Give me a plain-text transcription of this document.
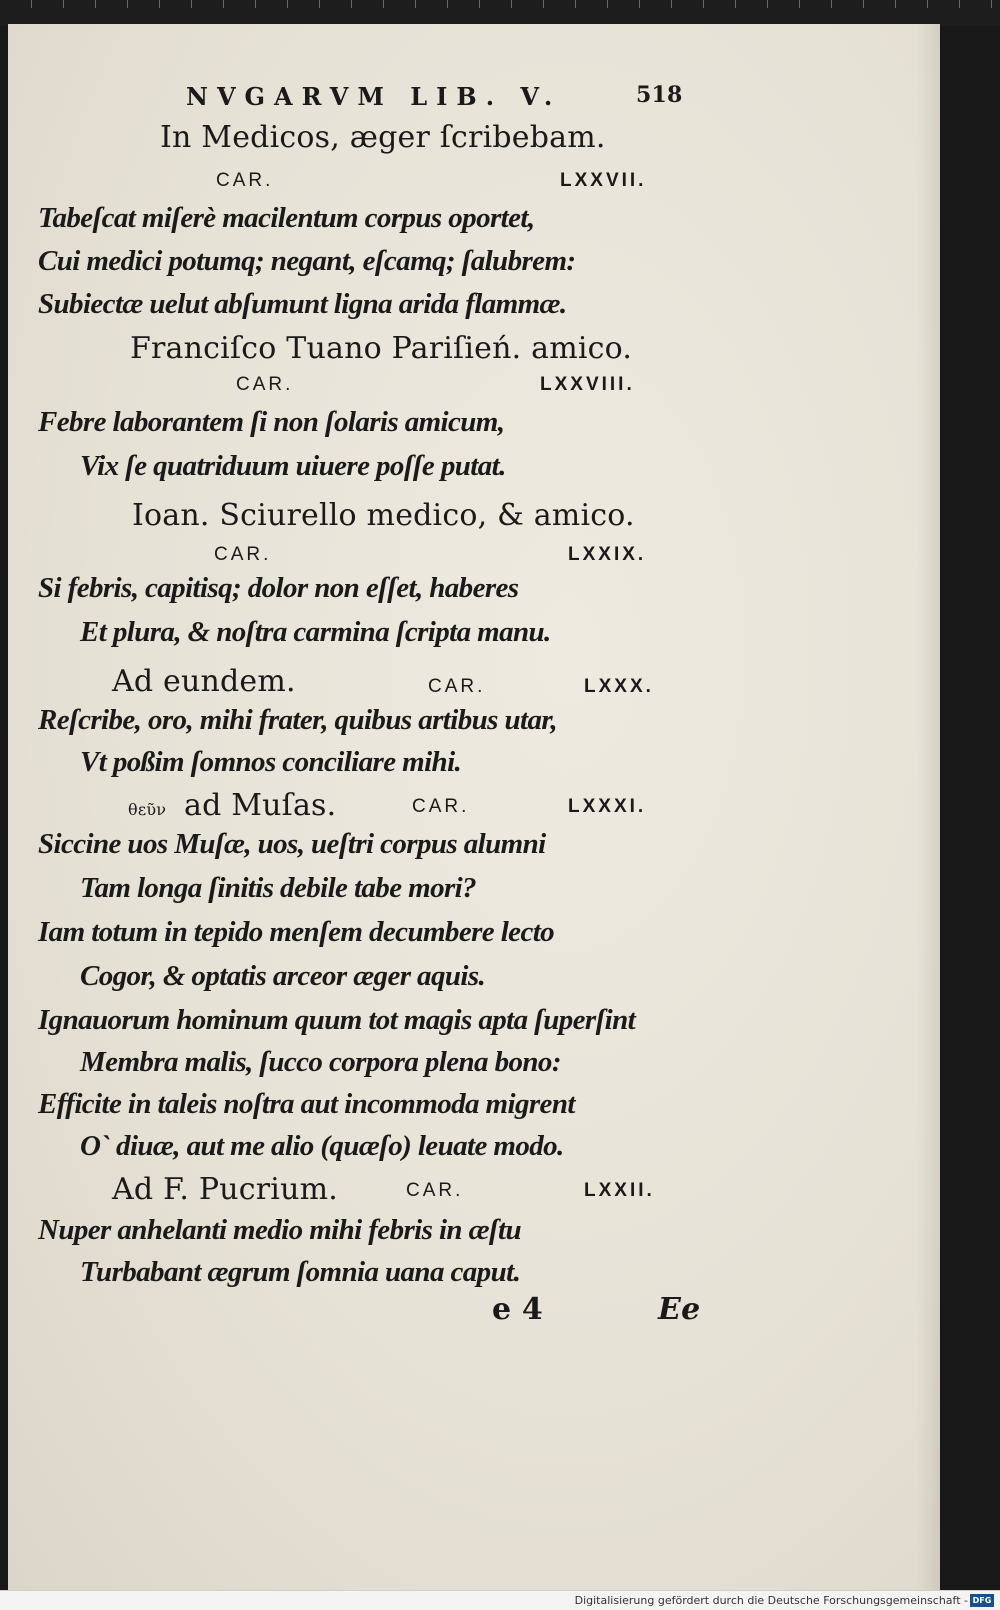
NVGARVM LIB. V.	518
In Medicos, æger ſcribebam.
CAR.	LXXVII.
Tabeſcat miſerè macilentum corpus oportet,
Cui medici potumq; negant, eſcamq; ſalubrem:
Subiectæ uelut abſumunt ligna arida flammæ.
Franciſco Tuano Pariſień. amico.
CAR.	LXXVIII.
Febre laborantem ſi non ſolaris amicum,
Vix ſe quatriduum uiuere poſſe putat.
Ioan. Sciurello medico, & amico.
CAR.	LXXIX.
Si febris, capitisq; dolor non eſſet, haberes
Et plura, & noſtra carmina ſcripta manu.
Ad eundem.	CAR.	LXXX.
Reſcribe, oro, mihi frater, quibus artibus utar,
Vt poßim ſomnos conciliare mihi.
θεῦν ad Muſas.	CAR.	LXXXI.
Siccine uos Muſæ, uos, ueſtri corpus alumni
Tam longa ſinitis debile tabe mori?
Iam totum in tepido menſem decumbere lecto
Cogor, & optatis arceor æger aquis.
Ignauorum hominum quum tot magis apta ſuperſint
Membra malis, ſucco corpora plena bono:
Efficite in taleis noſtra aut incommoda migrent
O` diuæ, aut me alio (quæſo) leuate modo.
Ad F. Pucrium.	CAR.	LXXII.
Nuper anhelanti medio mihi febris in æſtu
Turbabant ægrum ſomnia uana caput.
e 4	Ee
Digitalisierung gefördert durch die Deutsche Forschungsgemeinschaft - DFG
